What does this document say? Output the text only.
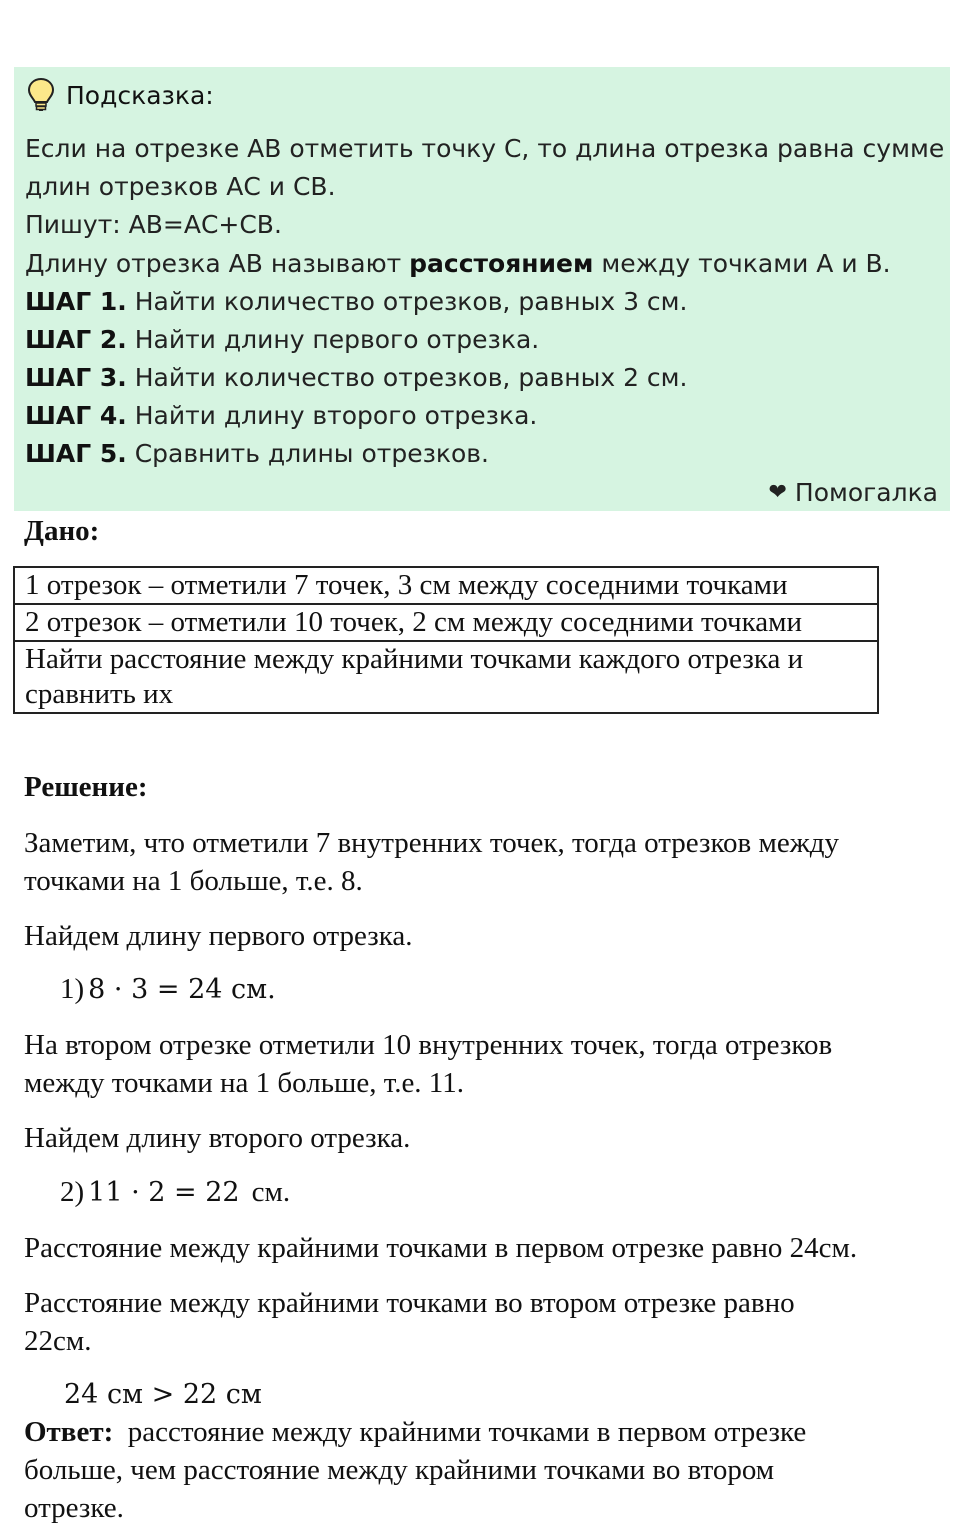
Подсказка:
Если на отрезке АВ отметить точку С, то длина отрезка равна сумме
длин отрезков АС и СВ.
Пишут: АВ=АС+СВ.
Длину отрезка АВ называют расстоянием между точками А и В.
ШАГ 1. Найти количество отрезков, равных 3 см.
ШАГ 2. Найти длину первого отрезка.
ШАГ 3. Найти количество отрезков, равных 2 см.
ШАГ 4. Найти длину второго отрезка.
ШАГ 5. Сравнить длины отрезков.
❤ Помогалка
Дано:
1 отрезок – отметили 7 точек, 3 см между соседними точками
2 отрезок – отметили 10 точек, 2 см между соседними точками

Найти расстояние между крайними точками каждого отрезка и
сравнить их
Решение:
Заметим, что отметили 7 внутренних точек, тогда отрезков между
точками на 1 больше, т.е. 8.
Найдем длину первого отрезка.
1) 8 · 3 = 24 см.
На втором отрезке отметили 10 внутренних точек, тогда отрезков
между точками на 1 больше, т.е. 11.
Найдем длину второго отрезка.
2) 11 · 2 = 22 см.
Расстояние между крайними точками в первом отрезке равно 24см.
Расстояние между крайними точками во втором отрезке равно
22см.
24 см > 22 см
Ответ:  расстояние между крайними точками в первом отрезке
больше, чем расстояние между крайними точками во втором
отрезке.
